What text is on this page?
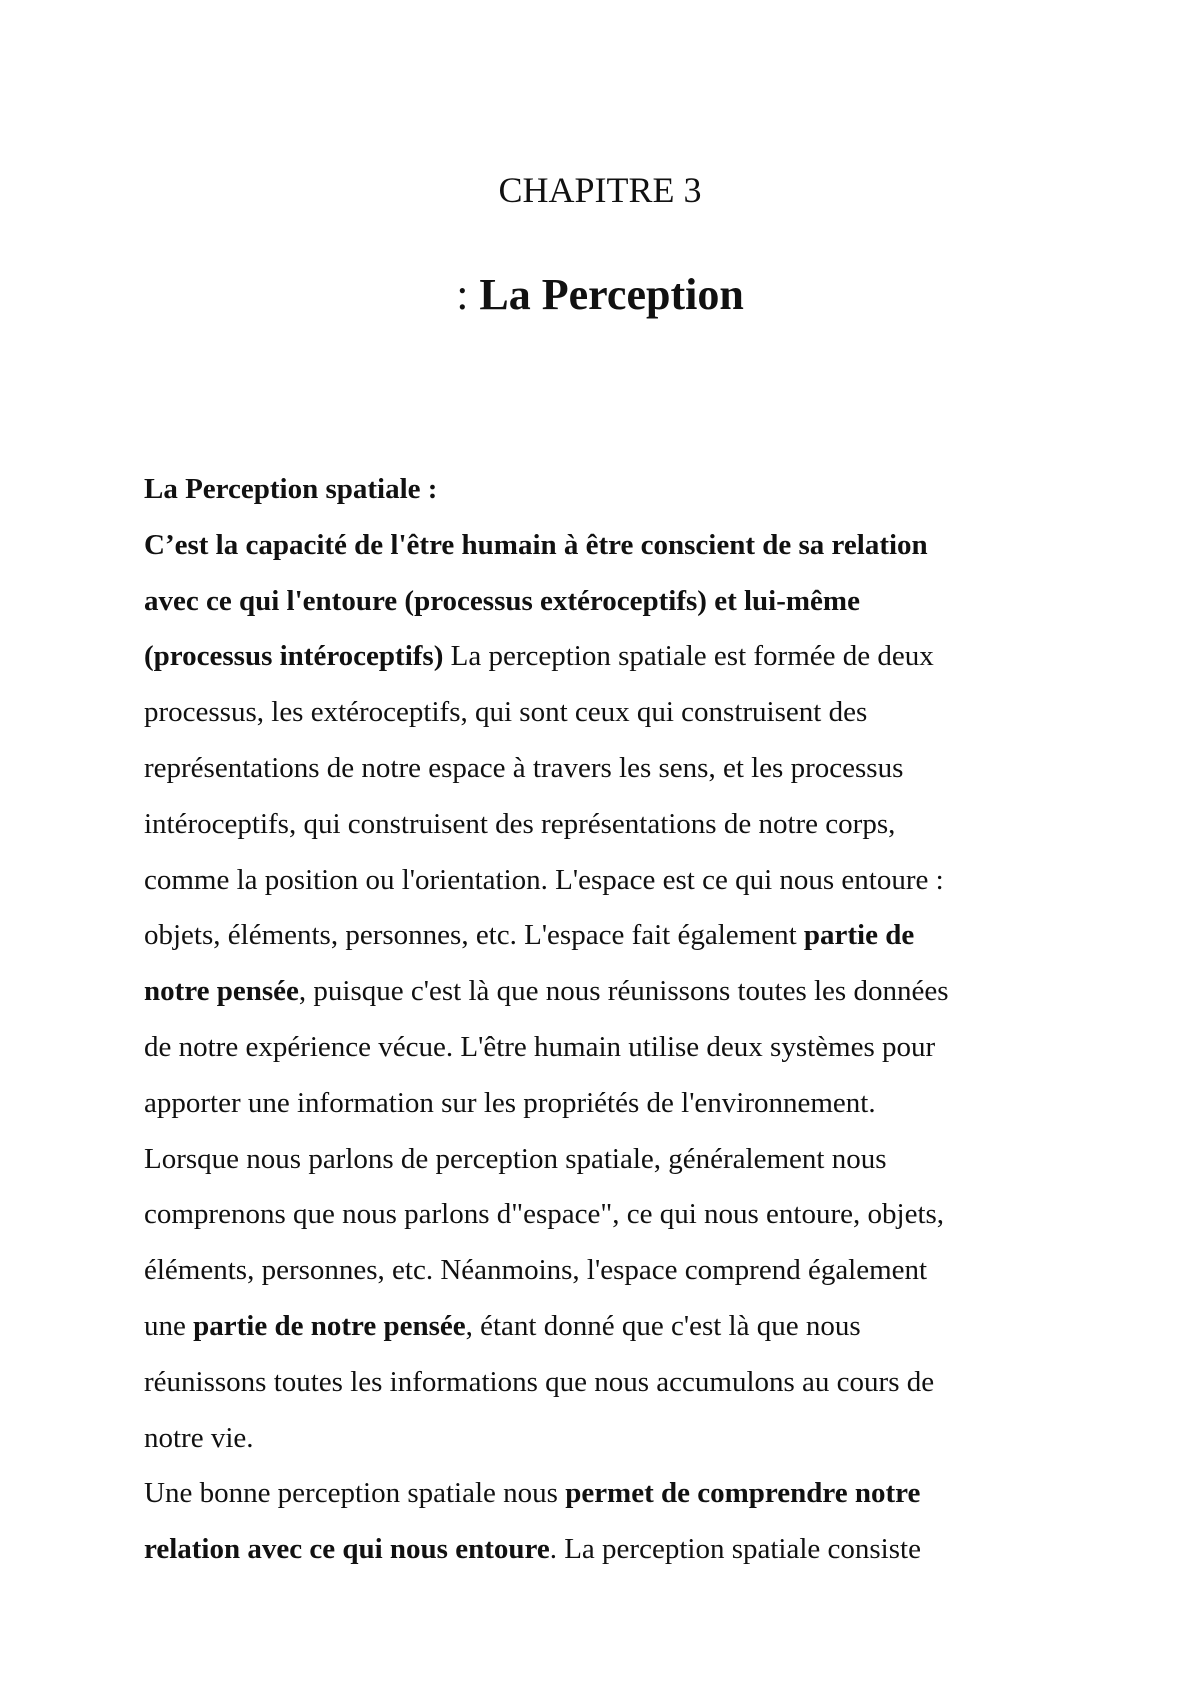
CHAPITRE 3
: La Perception

La Perception spatiale :

C’est la capacité de l'être humain à être conscient de sa relation

avec ce qui l'entoure (processus extéroceptifs) et lui-même

(processus intéroceptifs) La perception spatiale est formée de deux

processus, les extéroceptifs, qui sont ceux qui construisent des

représentations de notre espace à travers les sens, et les processus

intéroceptifs, qui construisent des représentations de notre corps,

comme la position ou l'orientation. L'espace est ce qui nous entoure :

objets, éléments, personnes, etc. L'espace fait également partie de

notre pensée, puisque c'est là que nous réunissons toutes les données

de notre expérience vécue. L'être humain utilise deux systèmes pour

apporter une information sur les propriétés de l'environnement.

Lorsque nous parlons de perception spatiale, généralement nous

comprenons que nous parlons d"espace", ce qui nous entoure, objets,

éléments, personnes, etc. Néanmoins, l'espace comprend également

une partie de notre pensée, étant donné que c'est là que nous

réunissons toutes les informations que nous accumulons au cours de

notre vie.

Une bonne perception spatiale nous permet de comprendre notre

relation avec ce qui nous entoure. La perception spatiale consiste
